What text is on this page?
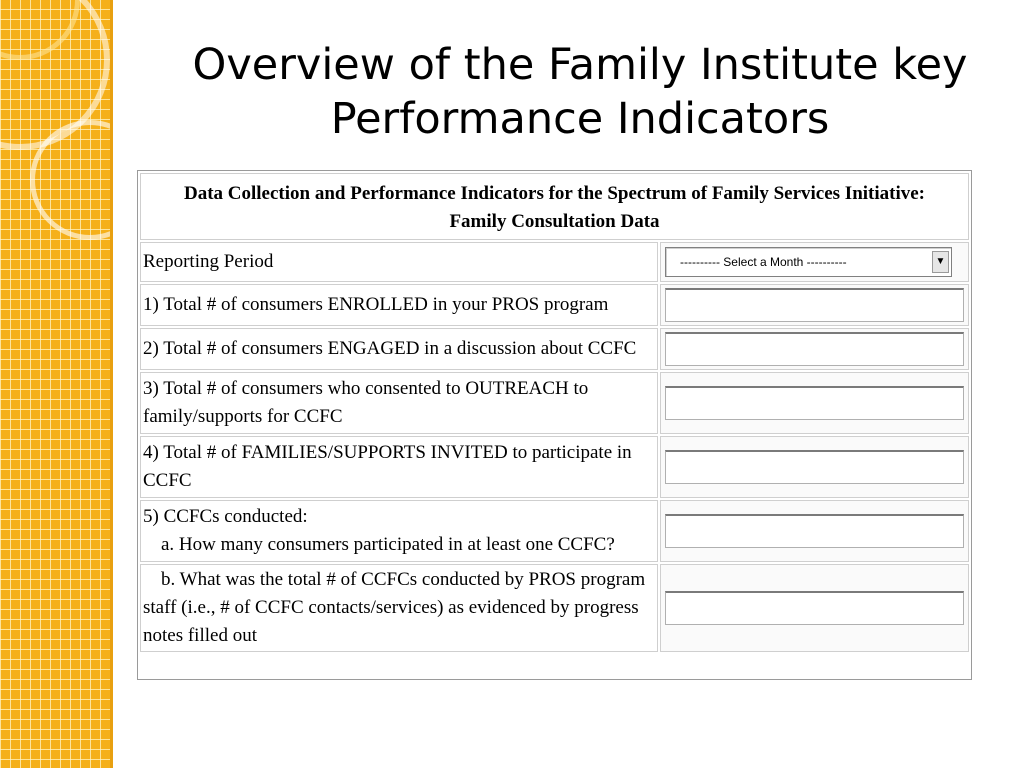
Overview of the Family Institute key Performance Indicators
Data Collection and Performance Indicators for the Spectrum of Family Services Initiative:
Family Consultation Data	
Reporting Period	---------- Select a Month ---------- ▼

1) Total # of consumers ENROLLED in your PROS program	
2) Total # of consumers ENGAGED in a discussion about CCFC	
3) Total # of consumers who consented to OUTREACH to family/supports for CCFC	
4) Total # of FAMILIES/SUPPORTS INVITED to participate in CCFC	
5) CCFCs conducted:
a. How many consumers participated in at least one CCFC?	
b. What was the total # of CCFCs conducted by PROS program staff (i.e., # of CCFC contacts/services) as evidenced by progress notes filled out	
